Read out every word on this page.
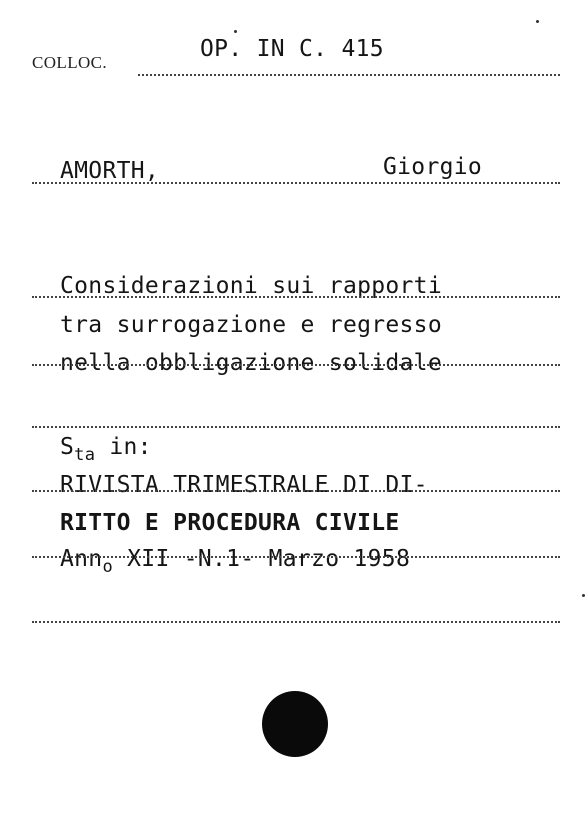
COLLOC.
OP. IN C. 415
AMORTH,	Giorgio
Considerazioni sui rapporti
tra surrogazione e regresso
nella obbligazione solidale
$S_{ta}$ in:
RIVISTA TRIMESTRALE DI DI-
RITTO E PROCEDURA CIVILE
Ann$_o$ XII -N.1- Marzo 1958
